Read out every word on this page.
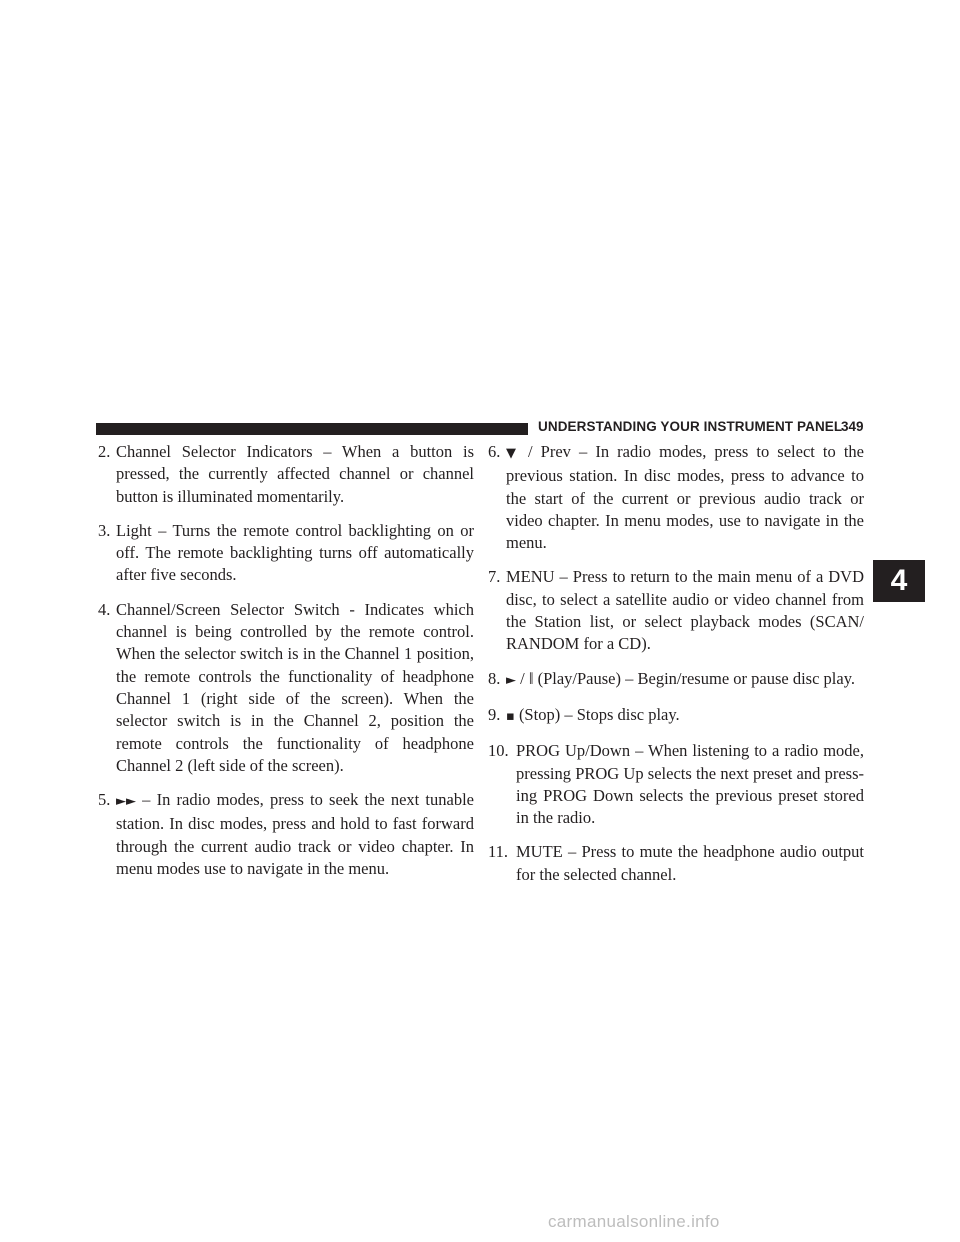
UNDERSTANDING YOUR INSTRUMENT PANEL
349
2. Channel Selector Indicators – When a button is pressed, the currently affected channel or channel button is illuminated momentarily.
3. Light – Turns the remote control backlighting on or off. The remote backlighting turns off automatically after five seconds.
4. Channel/Screen Selector Switch - Indicates which channel is being controlled by the remote control. When the selector switch is in the Channel 1 position, the remote controls the functionality of headphone Channel 1 (right side of the screen). When the selector switch is in the Channel 2, position the remote controls the functionality of headphone Channel 2 (left side of the screen).
5. ►► – In radio modes, press to seek the next tunable station. In disc modes, press and hold to fast forward through the current audio track or video chapter. In menu modes use to navigate in the menu.
6. ▼ / Prev – In radio modes, press to select to the previous station. In disc modes, press to advance to the start of the current or previous audio track or video chapter. In menu modes, use to navigate in the menu.
7. MENU – Press to return to the main menu of a DVD disc, to select a satellite audio or video channel from the Station list, or select playback modes (SCAN/ RANDOM for a CD).
8. ► / ǁ (Play/Pause) – Begin/resume or pause disc play.
9. ▪ (Stop) – Stops disc play.
10. PROG Up/Down – When listening to a radio mode, pressing PROG Up selects the next preset and press- ing PROG Down selects the previous preset stored in the radio.
11. MUTE – Press to mute the headphone audio output for the selected channel.
4
carmanualsonline.info
